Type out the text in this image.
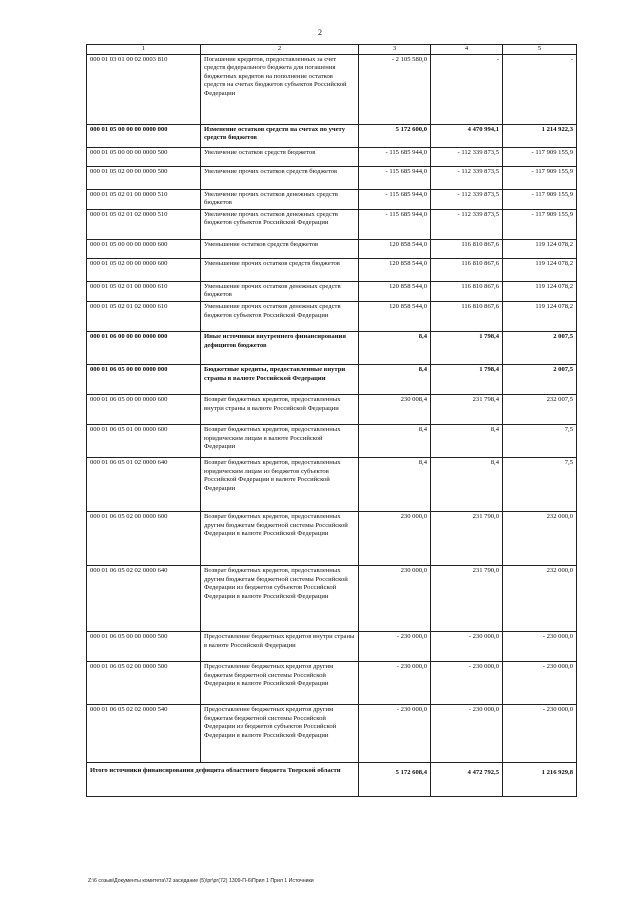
2
1	2	3	4	5
000 01 03 01 00 02 0003 810	Погашение кредитов, предоставленных за счет средств федерального бюджета для погашения бюджетных кредитов на пополнение остатков средств на счетах бюджетов субъектов Российской Федерации	- 2 105 580,0	-	-
000 01 05 00 00 00 0000 000	Изменение остатков средств на счетах по учету средств бюджетов	5 172 600,0	4 470 994,1	1 214 922,3
000 01 05 00 00 00 0000 500	Увеличение остатков средств бюджетов	- 115 685 944,0	- 112 339 873,5	- 117 909 155,9
000 01 05 02 00 00 0000 500	Увеличение прочих остатков средств бюджетов	- 115 685 944,0	- 112 339 873,5	- 117 909 155,9
000 01 05 02 01 00 0000 510	Увеличение прочих остатков денежных средств бюджетов	- 115 685 944,0	- 112 339 873,5	- 117 909 155,9
000 01 05 02 01 02 0000 510	Увеличение прочих остатков денежных средств бюджетов субъектов Российской Федерации	- 115 685 944,0	- 112 339 873,5	- 117 909 155,9
000 01 05 00 00 00 0000 600	Уменьшение остатков средств бюджетов	120 858 544,0	116 810 867,6	119 124 078,2
000 01 05 02 00 00 0000 600	Уменьшение прочих остатков средств бюджетов	120 858 544,0	116 810 867,6	119 124 078,2
000 01 05 02 01 00 0000 610	Уменьшение прочих остатков денежных средств бюджетов	120 858 544,0	116 810 867,6	119 124 078,2
000 01 05 02 01 02 0000 610	Уменьшение прочих остатков денежных средств бюджетов субъектов Российской Федерации	120 858 544,0	116 810 867,6	119 124 078,2
000 01 06 00 00 00 0000 000	Иные источники внутреннего финансирования дефицитов бюджетов	8,4	1 798,4	2 007,5
000 01 06 05 00 00 0000 000	Бюджетные кредиты, предоставленные внутри страны в валюте Российской Федерации	8,4	1 798,4	2 007,5
000 01 06 05 00 00 0000 600	Возврат бюджетных кредитов, предоставленных внутри страны в валюте Российской Федерации	230 008,4	231 798,4	232 007,5
000 01 06 05 01 00 0000 600	Возврат бюджетных кредитов, предоставленных юридическим лицам в валюте Российской Федерации	8,4	8,4	7,5
000 01 06 05 01 02 0000 640	Возврат бюджетных кредитов, предоставленных юридическим лицам из бюджетов субъектов Российской Федерации в валюте Российской Федерации	8,4	8,4	7,5
000 01 06 05 02 00 0000 600	Возврат бюджетных кредитов, предоставленных другим бюджетам бюджетной системы Российской Федерации в валюте Российской Федерации	230 000,0	231 790,0	232 000,0
000 01 06 05 02 02 0000 640	Возврат бюджетных кредитов, предоставленных другим бюджетам бюджетной системы Российской Федерации из бюджетов субъектов Российской Федерации в валюте Российской Федерации	230 000,0	231 790,0	232 000,0
000 01 06 05 00 00 0000 500	Предоставление бюджетных кредитов внутри страны в валюте Российской Федерации	- 230 000,0	- 230 000,0	- 230 000,0
000 01 06 05 02 00 0000 500	Предоставление бюджетных кредитов другим бюджетам бюджетной системы Российской Федерации в валюте Российской Федерации	- 230 000,0	- 230 000,0	- 230 000,0
000 01 06 05 02 02 0000 540	Предоставление бюджетных кредитов другим бюджетам бюджетной системы Российской Федерации из бюджетов субъектов Российской Федерации в валюте Российской Федерации	- 230 000,0	- 230 000,0	- 230 000,0
Итого источники финансирования дефицита областного бюджета Тверской области		5 172 608,4	4 472 792,5	1 216 929,8
Z:\6 созыв\Документы комитета\72 заседание (5)\рг\рг(72) 1309-П-6\Прил 1 Прил 1 Источники
